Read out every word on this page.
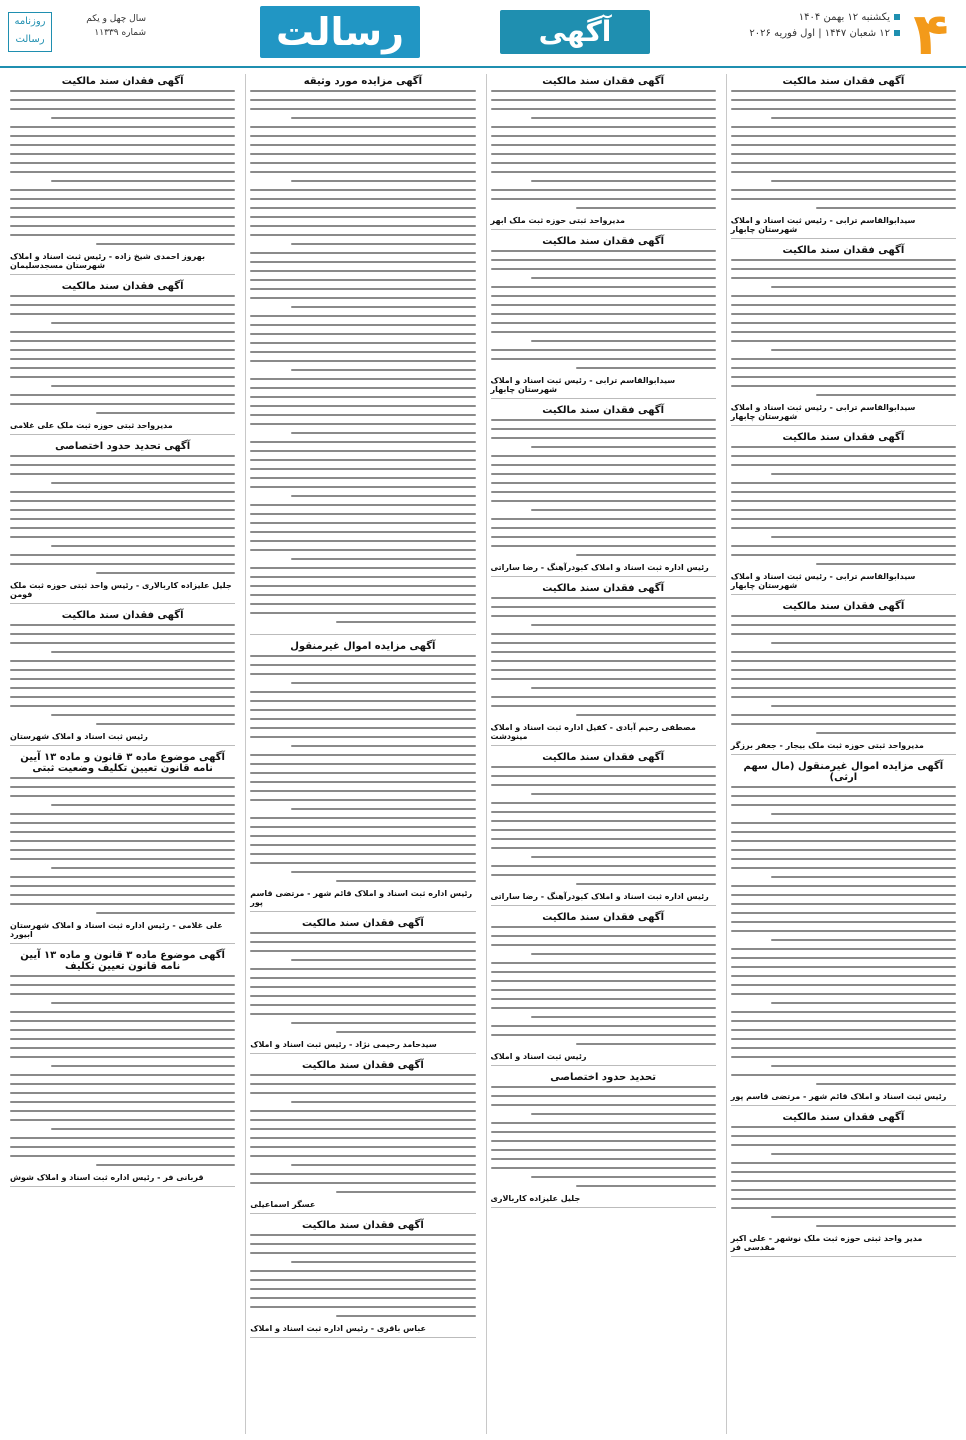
۴
یکشنبه ۱۲ بهمن ۱۴۰۴
۱۲ شعبان ۱۴۴۷ | اول فوریه ۲۰۲۶
آگهی
رسالت
روزنامه رسالت
سال چهل و یکم
شماره ۱۱۳۳۹
آگهی فقدان سند مالکیت
سیدابوالقاسم ترابی - رئیس ثبت اسناد و املاک شهرستان چابهار
آگهی فقدان سند مالکیت
سیدابوالقاسم ترابی - رئیس ثبت اسناد و املاک شهرستان چابهار
آگهی فقدان سند مالکیت
سیدابوالقاسم ترابی - رئیس ثبت اسناد و املاک شهرستان چابهار
آگهی فقدان سند مالکیت
مدیرواحد ثبتی حوزه ثبت ملک بیجار - جعفر برزگر
آگهی مزایده اموال غیرمنقول (مال سهم ارثی)
رئیس ثبت اسناد و املاک قائم شهر - مرتضی قاسم پور
آگهی فقدان سند مالکیت
مدیر واحد ثبتی حوزه ثبت ملک نوشهر - علی اکبر مقدسی فر
آگهی فقدان سند مالکیت
مدیرواحد ثبتی حوزه ثبت ملک ابهر
آگهی فقدان سند مالکیت
سیدابوالقاسم ترابی - رئیس ثبت اسناد و املاک شهرستان چابهار
آگهی فقدان سند مالکیت
رئیس اداره ثبت اسناد و املاک کبودرآهنگ - رضا ساراتی
آگهی فقدان سند مالکیت
مصطفی رحیم آبادی - کفیل اداره ثبت اسناد و املاک مینودشت
آگهی فقدان سند مالکیت
رئیس اداره ثبت اسناد و املاک کبودرآهنگ - رضا ساراتی
آگهی فقدان سند مالکیت
رئیس ثبت اسناد و املاک
تحدید حدود اختصاصی
جلیل علیزاده کاربالاری
آگهی مزایده مورد وثیقه
آگهی مزایده اموال غیرمنقول
رئیس اداره ثبت اسناد و املاک قائم شهر - مرتضی قاسم پور
آگهی فقدان سند مالکیت
سیدحامد رحیمی نژاد - رئیس ثبت اسناد و املاک
آگهی فقدان سند مالکیت
عسگر اسماعیلی
آگهی فقدان سند مالکیت
عباس باقری - رئیس اداره ثبت اسناد و املاک
آگهی فقدان سند مالکیت
بهروز احمدی شیخ زاده - رئیس ثبت اسناد و املاک شهرستان مسجدسلیمان
آگهی فقدان سند مالکیت
مدیرواحد ثبتی حوزه ثبت ملک علی غلامی
آگهی تحدید حدود اختصاصی
جلیل علیزاده کاربالاری - رئیس واحد ثبتی حوزه ثبت ملک فومن
آگهی فقدان سند مالکیت
رئیس ثبت اسناد و املاک شهرستان
آگهی موضوع ماده ۳ قانون و ماده ۱۳ آیین نامه قانون تعیین تکلیف وضعیت ثبتی
علی غلامی - رئیس اداره ثبت اسناد و املاک شهرستان ابیورد
آگهی موضوع ماده ۳ قانون و ماده ۱۳ آیین نامه قانون تعیین تکلیف
قربانی فر - رئیس اداره ثبت اسناد و املاک شوش
